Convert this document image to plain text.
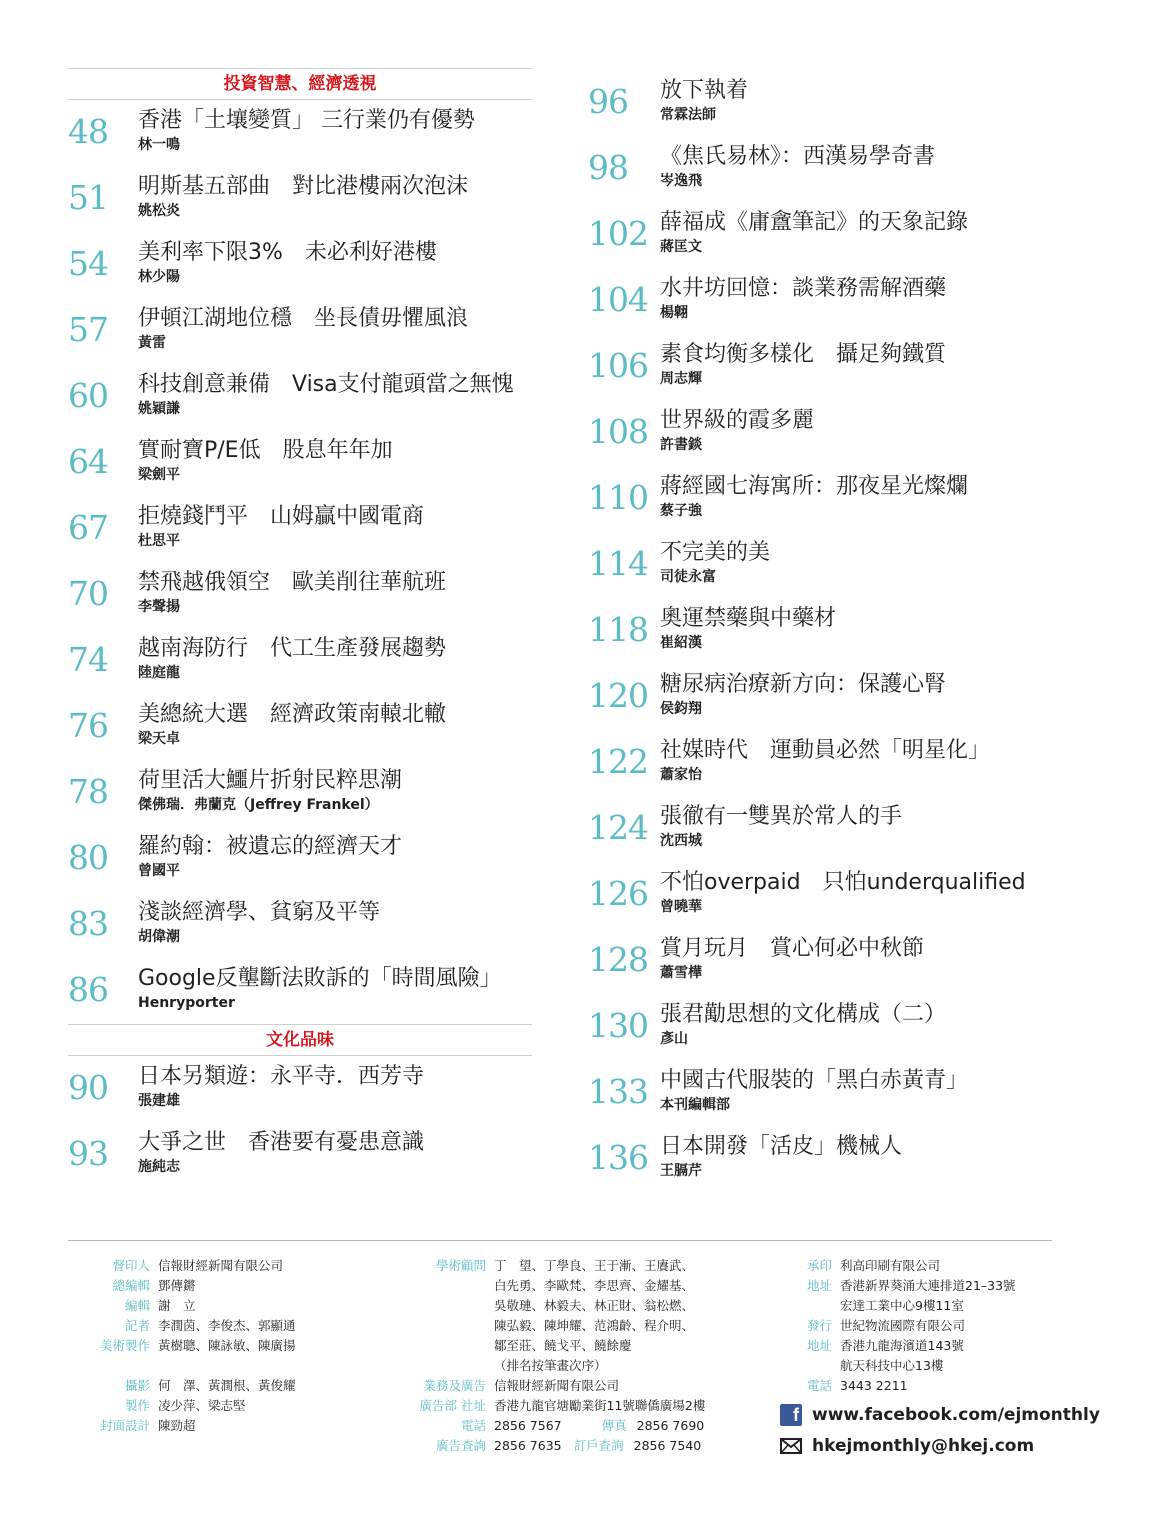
投資智慧、經濟透視
48	香港「土壤變質」 三行業仍有優勢
林一鳴
51	明斯基五部曲　對比港樓兩次泡沫
姚松炎
54	美利率下限3%　未必利好港樓
林少陽
57	伊頓江湖地位穩　坐長債毋懼風浪
黃雷
60	科技創意兼備　Visa支付龍頭當之無愧
姚穎謙
64	實耐寶P/E低　股息年年加
梁劍平
67	拒燒錢鬥平　山姆贏中國電商
杜思平
70	禁飛越俄領空　歐美削往華航班
李聲揚
74	越南海防行　代工生產發展趨勢
陸庭龍
76	美總統大選　經濟政策南轅北轍
梁天卓
78	荷里活大鱷片折射民粹思潮
傑佛瑞．弗蘭克（Jeffrey Frankel）
80	羅約翰：被遺忘的經濟天才
曾國平
83	淺談經濟學、貧窮及平等
胡偉潮
86	Google反壟斷法敗訴的「時間風險」
Henryporter
文化品味
90	日本另類遊：永平寺．西芳寺
張建雄
93	大爭之世　香港要有憂患意識
施純志
96	放下執着
常霖法師
98	《焦氏易林》：西漢易學奇書
岑逸飛
102 薛福成《庸盦筆記》的天象記錄
蔣匡文
104 水井坊回憶：談業務需解酒藥
楊翺
106 素食均衡多樣化　攝足夠鐵質
周志輝
108 世界級的霞多麗
許書錟
110 蔣經國七海寓所：那夜星光燦爛
蔡子強
114 不完美的美
司徒永富
118 奧運禁藥與中藥材
崔紹漢
120 糖尿病治療新方向：保護心腎
侯鈞翔
122 社媒時代　運動員必然「明星化」
蕭家怡
124 張徹有一雙異於常人的手
沈西城
126 不怕overpaid　只怕underqualified
曾曉華
128 賞月玩月　賞心何必中秋節
蕭雪樺
130 張君勱思想的文化構成（二）
彥山
133 中國古代服裝的「黑白赤黃青」
本刊編輯部
136 日本開發「活皮」機械人
王膈芹
督印人 信報財經新聞有限公司
總編輯 鄧傳鏘
編輯 謝　立
記者 李潤茵、李俊杰、郭顯通
美術製作 黃樹聰、陳詠敏、陳廣揚
攝影 何　澤、黃潤根、黃俊耀
製作 凌少萍、梁志堅
封面設計 陳勁超
學術顧問 丁　望、丁學良、王于漸、王賡武、
白先勇、李歐梵、李思齊、金耀基、
吳敬璉、林毅夫、林正財、翁松燃、
陳弘毅、陳坤耀、范鴻齡、程介明、
鄒至莊、饒戈平、饒餘慶
（排名按筆畫次序）
業務及廣告 信報財經新聞有限公司
廣告部 社址 香港九龍官塘勵業街11號聯僑廣場2樓
電話 2856 7567	傳真 2856 7690
廣告查詢 2856 7635 訂戶查詢 2856 7540
承印 利高印刷有限公司
地址 香港新界葵涌大連排道21–33號
宏達工業中心9樓11室
發行 世紀物流國際有限公司
地址 香港九龍海濱道143號
航天科技中心13樓
電話 3443 2211
f www.facebook.com/ejmonthly
hkejmonthly@hkej.com
